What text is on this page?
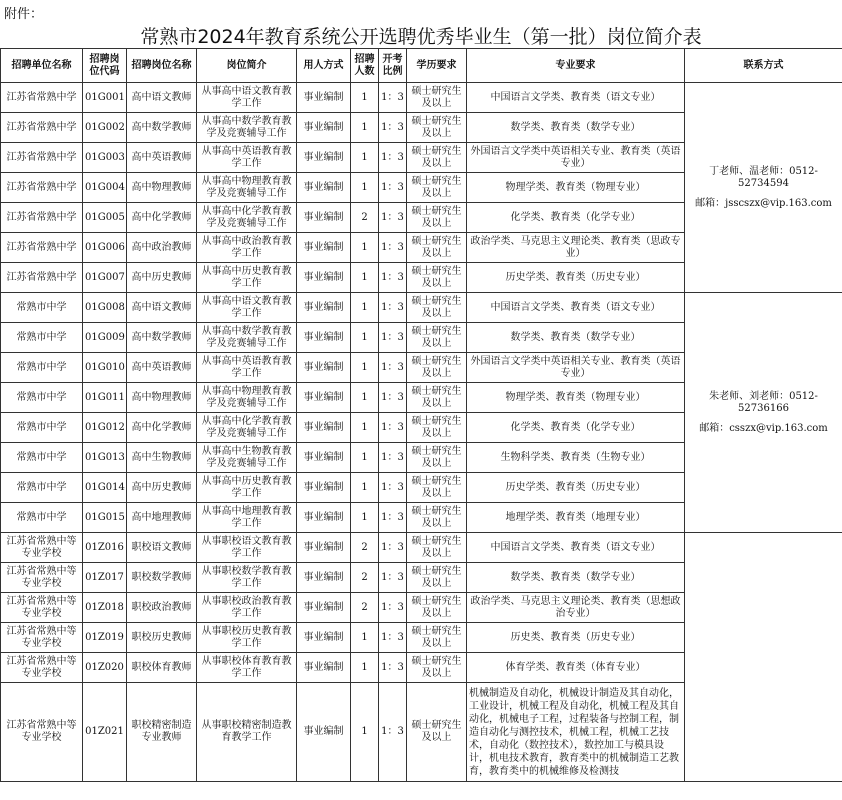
附件：
常熟市2024年教育系统公开选聘优秀毕业生（第一批）岗位简介表
招聘单位名称	招聘岗位代码	招聘岗位名称	岗位简介	用人方式	招聘人数	开考比例	学历要求	专业要求	联系方式
江苏省常熟中学	01G001	高中语文教师	从事高中语文教育教学工作	事业编制	1	1：3	硕士研究生及以上	中国语言文学类、教育类（语文专业）	丁老师、温老师：0512-52734594
邮箱：jsscszx@vip.163.com

江苏省常熟中学	01G002	高中数学教师	从事高中数学教育教学及竞赛辅导工作	事业编制	1	1：3	硕士研究生及以上	数学类、教育类（数学专业）	
江苏省常熟中学	01G003	高中英语教师	从事高中英语教育教学工作	事业编制	1	1：3	硕士研究生及以上	外国语言文学类中英语相关专业、教育类（英语专业）	
江苏省常熟中学	01G004	高中物理教师	从事高中物理教育教学及竞赛辅导工作	事业编制	1	1：3	硕士研究生及以上	物理学类、教育类（物理专业）	
江苏省常熟中学	01G005	高中化学教师	从事高中化学教育教学及竞赛辅导工作	事业编制	2	1：3	硕士研究生及以上	化学类、教育类（化学专业）	
江苏省常熟中学	01G006	高中政治教师	从事高中政治教育教学工作	事业编制	1	1：3	硕士研究生及以上	政治学类、马克思主义理论类、教育类（思政专业）	
江苏省常熟中学	01G007	高中历史教师	从事高中历史教育教学工作	事业编制	1	1：3	硕士研究生及以上	历史学类、教育类（历史专业）	
常熟市中学	01G008	高中语文教师	从事高中语文教育教学工作	事业编制	1	1：3	硕士研究生及以上	中国语言文学类、教育类（语文专业）	朱老师、刘老师：0512-52736166
邮箱：csszx@vip.163.com

常熟市中学	01G009	高中数学教师	从事高中数学教育教学及竞赛辅导工作	事业编制	1	1：3	硕士研究生及以上	数学类、教育类（数学专业）	
常熟市中学	01G010	高中英语教师	从事高中英语教育教学工作	事业编制	1	1：3	硕士研究生及以上	外国语言文学类中英语相关专业、教育类（英语专业）	
常熟市中学	01G011	高中物理教师	从事高中物理教育教学及竞赛辅导工作	事业编制	1	1：3	硕士研究生及以上	物理学类、教育类（物理专业）	
常熟市中学	01G012	高中化学教师	从事高中化学教育教学及竞赛辅导工作	事业编制	1	1：3	硕士研究生及以上	化学类、教育类（化学专业）	
常熟市中学	01G013	高中生物教师	从事高中生物教育教学及竞赛辅导工作	事业编制	1	1：3	硕士研究生及以上	生物科学类、教育类（生物专业）	
常熟市中学	01G014	高中历史教师	从事高中历史教育教学工作	事业编制	1	1：3	硕士研究生及以上	历史学类、教育类（历史专业）	
常熟市中学	01G015	高中地理教师	从事高中地理教育教学工作	事业编制	1	1：3	硕士研究生及以上	地理学类、教育类（地理专业）	
江苏省常熟中等专业学校	01Z016	职校语文教师	从事职校语文教育教学工作	事业编制	2	1：3	硕士研究生及以上	中国语言文学类、教育类（语文专业）	
江苏省常熟中等专业学校	01Z017	职校数学教师	从事职校数学教育教学工作	事业编制	2	1：3	硕士研究生及以上	数学类、教育类（数学专业）	
江苏省常熟中等专业学校	01Z018	职校政治教师	从事职校政治教育教学工作	事业编制	2	1：3	硕士研究生及以上	政治学类、马克思主义理论类、教育类（思想政治专业）	
江苏省常熟中等专业学校	01Z019	职校历史教师	从事职校历史教育教学工作	事业编制	1	1：3	硕士研究生及以上	历史类、教育类（历史专业）	
江苏省常熟中等专业学校	01Z020	职校体育教师	从事职校体育教育教学工作	事业编制	1	1：3	硕士研究生及以上	体育学类、教育类（体育专业）	
江苏省常熟中等专业学校	01Z021	职校精密制造专业教师	从事职校精密制造教育教学工作	事业编制	1	1：3	硕士研究生及以上	机械制造及自动化，机械设计制造及其自动化，工业设计，机械工程及自动化，机械工程及其自动化，机械电子工程，过程装备与控制工程，制造自动化与测控技术，机械工程，机械工艺技术，自动化（数控技术），数控加工与模具设计，机电技术教育，教育类中的机械制造工艺教育，教育类中的机械维修及检测技	
